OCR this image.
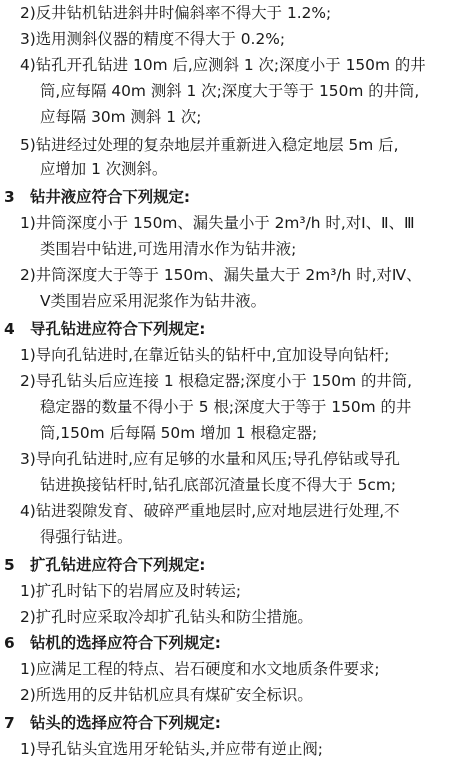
2)反井钻机钻进斜井时偏斜率不得大于 1.2%;
3)选用测斜仪器的精度不得大于 0.2%;
4)钻孔开孔钻进 10m 后,应测斜 1 次;深度小于 150m 的井
筒,应每隔 40m 测斜 1 次;深度大于等于 150m 的井筒,
应每隔 30m 测斜 1 次;
5)钻进经过处理的复杂地层并重新进入稳定地层 5m 后,
应增加 1 次测斜。
3 钻井液应符合下列规定:
1)井筒深度小于 150m、漏失量小于 2m³/h 时,对Ⅰ、Ⅱ、Ⅲ
类围岩中钻进,可选用清水作为钻井液;
2)井筒深度大于等于 150m、漏失量大于 2m³/h 时,对Ⅳ、
Ⅴ类围岩应采用泥浆作为钻井液。
4 导孔钻进应符合下列规定:
1)导向孔钻进时,在靠近钻头的钻杆中,宜加设导向钻杆;
2)导孔钻头后应连接 1 根稳定器;深度小于 150m 的井筒,
稳定器的数量不得小于 5 根;深度大于等于 150m 的井
筒,150m 后每隔 50m 增加 1 根稳定器;
3)导向孔钻进时,应有足够的水量和风压;导孔停钻或导孔
钻进换接钻杆时,钻孔底部沉渣量长度不得大于 5cm;
4)钻进裂隙发育、破碎严重地层时,应对地层进行处理,不
得强行钻进。
5 扩孔钻进应符合下列规定:
1)扩孔时钻下的岩屑应及时转运;
2)扩孔时应采取冷却扩孔钻头和防尘措施。
6 钻机的选择应符合下列规定:
1)应满足工程的特点、岩石硬度和水文地质条件要求;
2)所选用的反井钻机应具有煤矿安全标识。
7 钻头的选择应符合下列规定:
1)导孔钻头宜选用牙轮钻头,并应带有逆止阀;
